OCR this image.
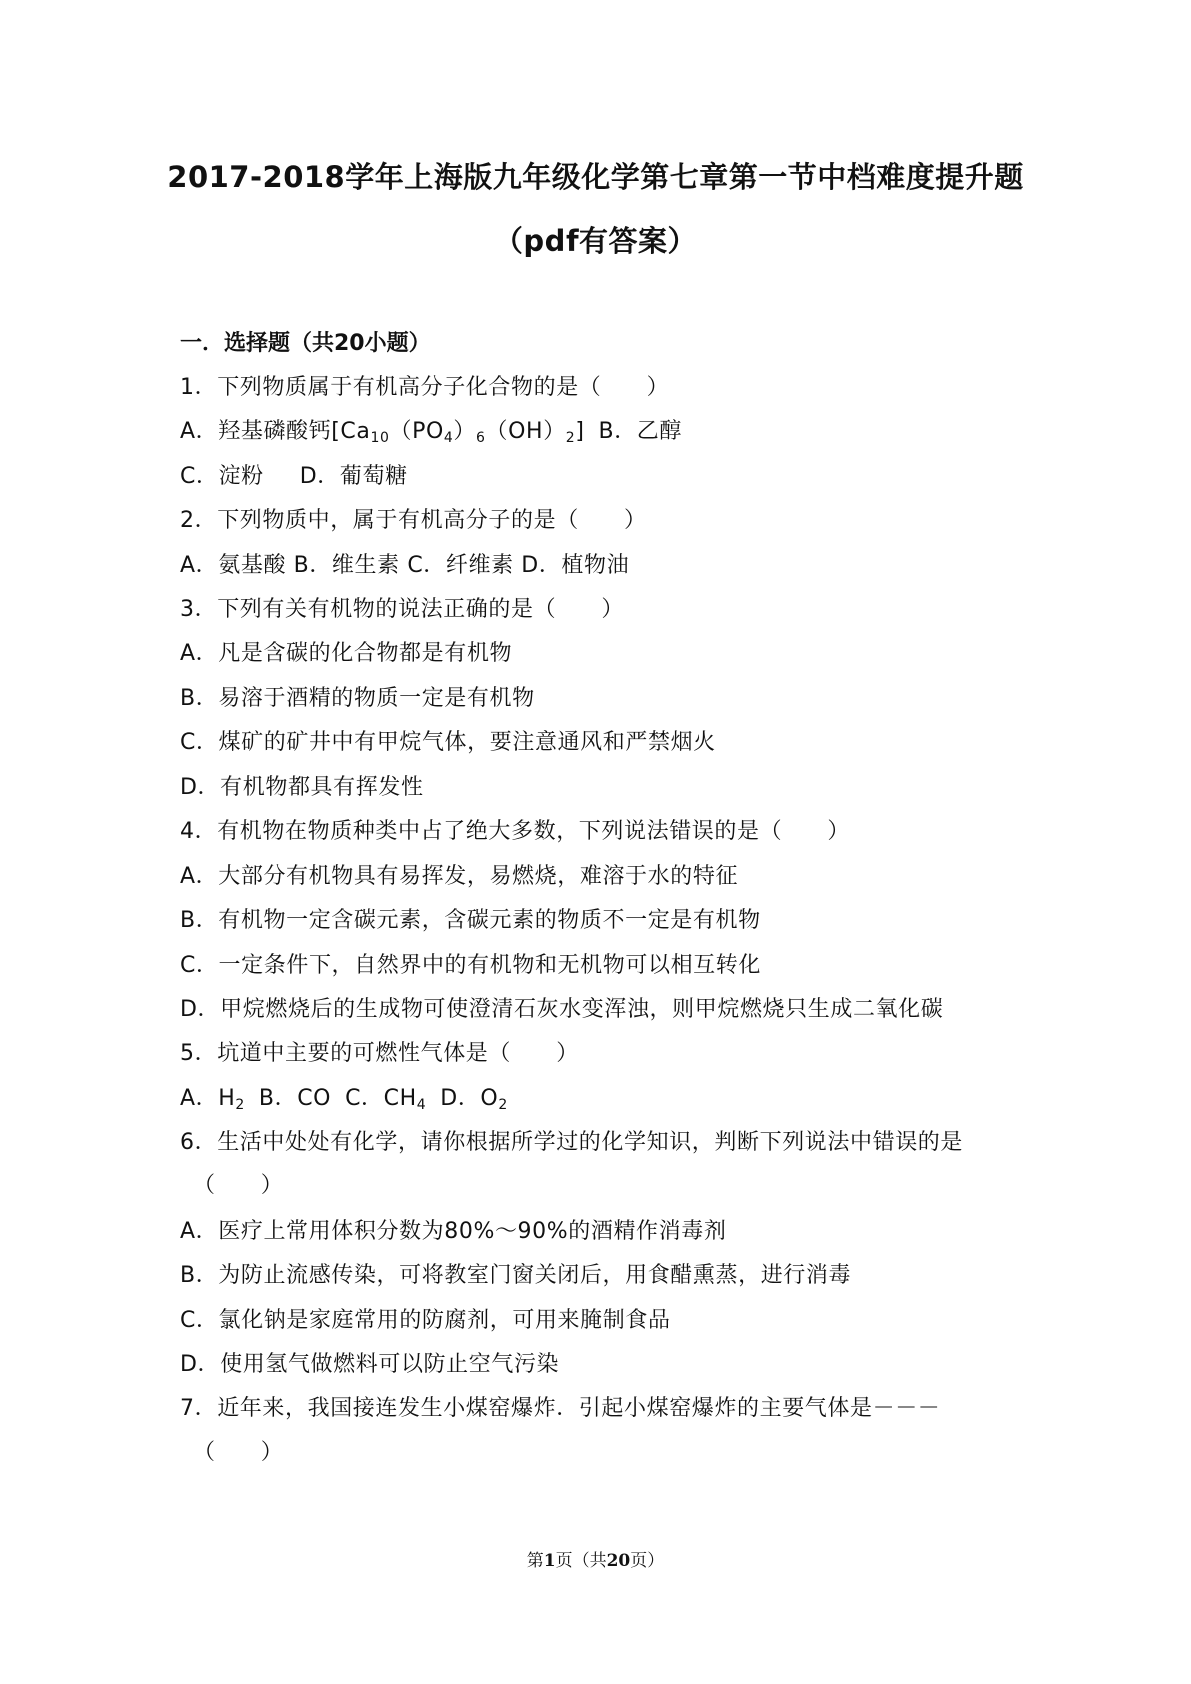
2017-2018学年上海版九年级化学第七章第一节中档难度提升题
（pdf有答案）
一．选择题（共20小题）
1．下列物质属于有机高分子化合物的是（　　）
A．羟基磷酸钙$[Ca_{10}(PO_4)_6(OH)_2]$ B．乙醇
C．淀粉 D．葡萄糖
2．下列物质中，属于有机高分子的是（　　）
A．氨基酸 B．维生素 C．纤维素 D．植物油
3．下列有关有机物的说法正确的是（　　）
A．凡是含碳的化合物都是有机物
B．易溶于酒精的物质一定是有机物
C．煤矿的矿井中有甲烷气体，要注意通风和严禁烟火
D．有机物都具有挥发性
4．有机物在物质种类中占了绝大多数，下列说法错误的是（　　）
A．大部分有机物具有易挥发，易燃烧，难溶于水的特征
B．有机物一定含碳元素，含碳元素的物质不一定是有机物
C．一定条件下，自然界中的有机物和无机物可以相互转化
D．甲烷燃烧后的生成物可使澄清石灰水变浑浊，则甲烷燃烧只生成二氧化碳
5．坑道中主要的可燃性气体是（　　）
A．$H_2$ B．CO C．$CH_4$ D．$O_2$
6．生活中处处有化学，请你根据所学过的化学知识，判断下列说法中错误的是
（　　）
A．医疗上常用体积分数为80%～90%的酒精作消毒剂
B．为防止流感传染，可将教室门窗关闭后，用食醋熏蒸，进行消毒
C．氯化钠是家庭常用的防腐剂，可用来腌制食品
D．使用氢气做燃料可以防止空气污染
7．近年来，我国接连发生小煤窑爆炸．引起小煤窑爆炸的主要气体是－－－
（　　）
第1页（共20页）
